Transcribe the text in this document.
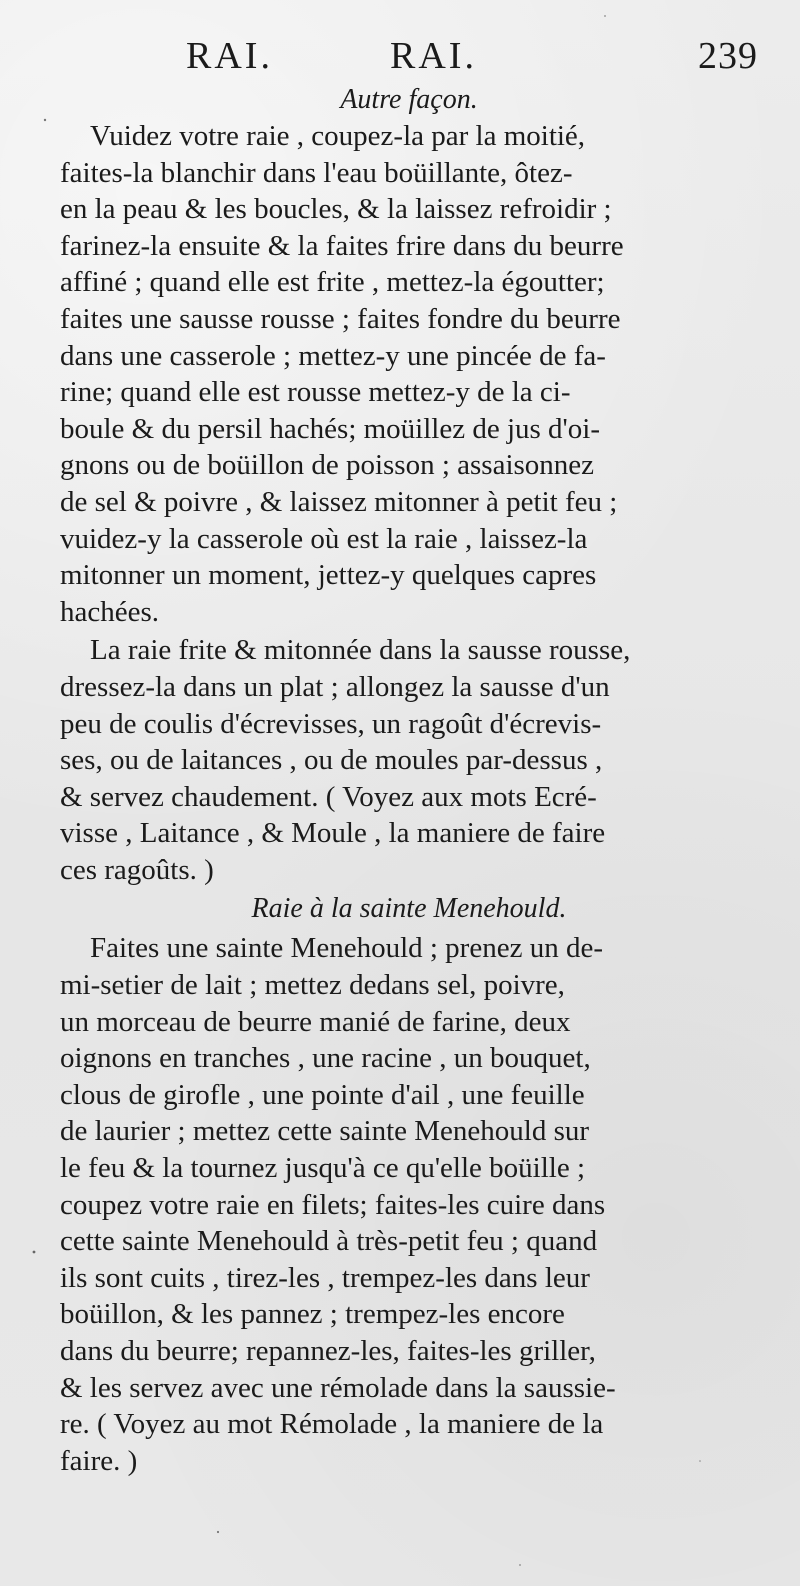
RAI.	RAI.	239
Autre façon.
Vuidez votre raie , coupez-la par la moitié,
faites-la blanchir dans l'eau boüillante, ôtez-
en la peau & les boucles, & la laissez refroidir ;
farinez-la ensuite & la faites frire dans du beurre
affiné ; quand elle est frite , mettez-la égoutter;
faites une sausse rousse ; faites fondre du beurre
dans une casserole ; mettez-y une pincée de fa-
rine; quand elle est rousse mettez-y de la ci-
boule & du persil hachés; moüillez de jus d'oi-
gnons ou de boüillon de poisson ; assaisonnez
de sel & poivre , & laissez mitonner à petit feu ;
vuidez-y la casserole où est la raie , laissez-la
mitonner un moment, jettez-y quelques capres
hachées.
La raie frite & mitonnée dans la sausse rousse,
dressez-la dans un plat ; allongez la sausse d'un
peu de coulis d'écrevisses, un ragoût d'écrevis-
ses, ou de laitances , ou de moules par-dessus ,
& servez chaudement. ( Voyez aux mots Ecré-
visse , Laitance , & Moule , la maniere de faire
ces ragoûts. )
Raie à la sainte Menehould.
Faites une sainte Menehould ; prenez un de-
mi-setier de lait ; mettez dedans sel, poivre,
un morceau de beurre manié de farine, deux
oignons en tranches , une racine , un bouquet,
clous de girofle , une pointe d'ail , une feuille
de laurier ; mettez cette sainte Menehould sur
le feu & la tournez jusqu'à ce qu'elle boüille ;
coupez votre raie en filets; faites-les cuire dans
cette sainte Menehould à très-petit feu ; quand
ils sont cuits , tirez-les , trempez-les dans leur
boüillon, & les pannez ; trempez-les encore
dans du beurre; repannez-les, faites-les griller,
& les servez avec une rémolade dans la saussie-
re. ( Voyez au mot Rémolade , la maniere de la
faire. )
